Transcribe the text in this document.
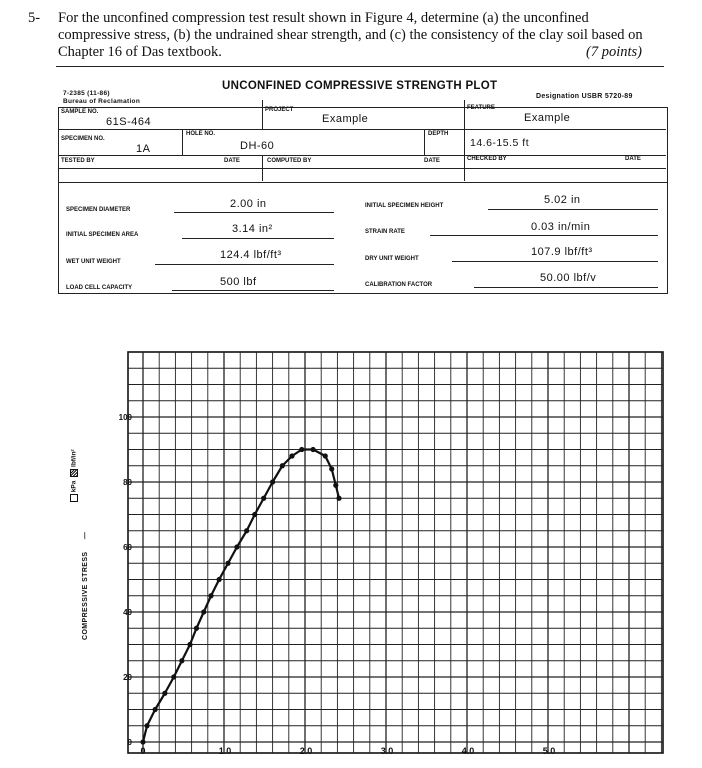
5- For the unconfined compression test result shown in Figure 4, determine (a) the unconfined compressive stress, (b) the undrained shear strength, and (c) the consistency of the clay soil based on Chapter 16 of Das textbook.	(7 points)
7-2385 (11-86)
Bureau of Reclamation
UNCONFINED COMPRESSIVE STRENGTH PLOT
Designation USBR 5720-89
SAMPLE NO.
61S-464
PROJECT
Example
FEATURE
Example
SPECIMEN NO.
1A
HOLE NO.
DH-60
DEPTH
14.6-15.5 ft
TESTED BY	DATE	COMPUTED BY	DATE	CHECKED BY	DATE
SPECIMEN DIAMETER	2.00 in
INITIAL SPECIMEN AREA	3.14 in²
WET UNIT WEIGHT
124.4 lbf/ft³
LOAD CELL CAPACITY	500 lbf
INITIAL SPECIMEN HEIGHT	5.02 in
STRAIN RATE	0.03 in/min
DRY UNIT WEIGHT
107.9 lbf/ft³
CALIBRATION FACTOR
50.00 lbf/v
0	1.0	2.0	3.0	4.0	5.0
0
20
40
60
80
100
COMPRESSIVE STRESS —
kPa  lbf/in²
